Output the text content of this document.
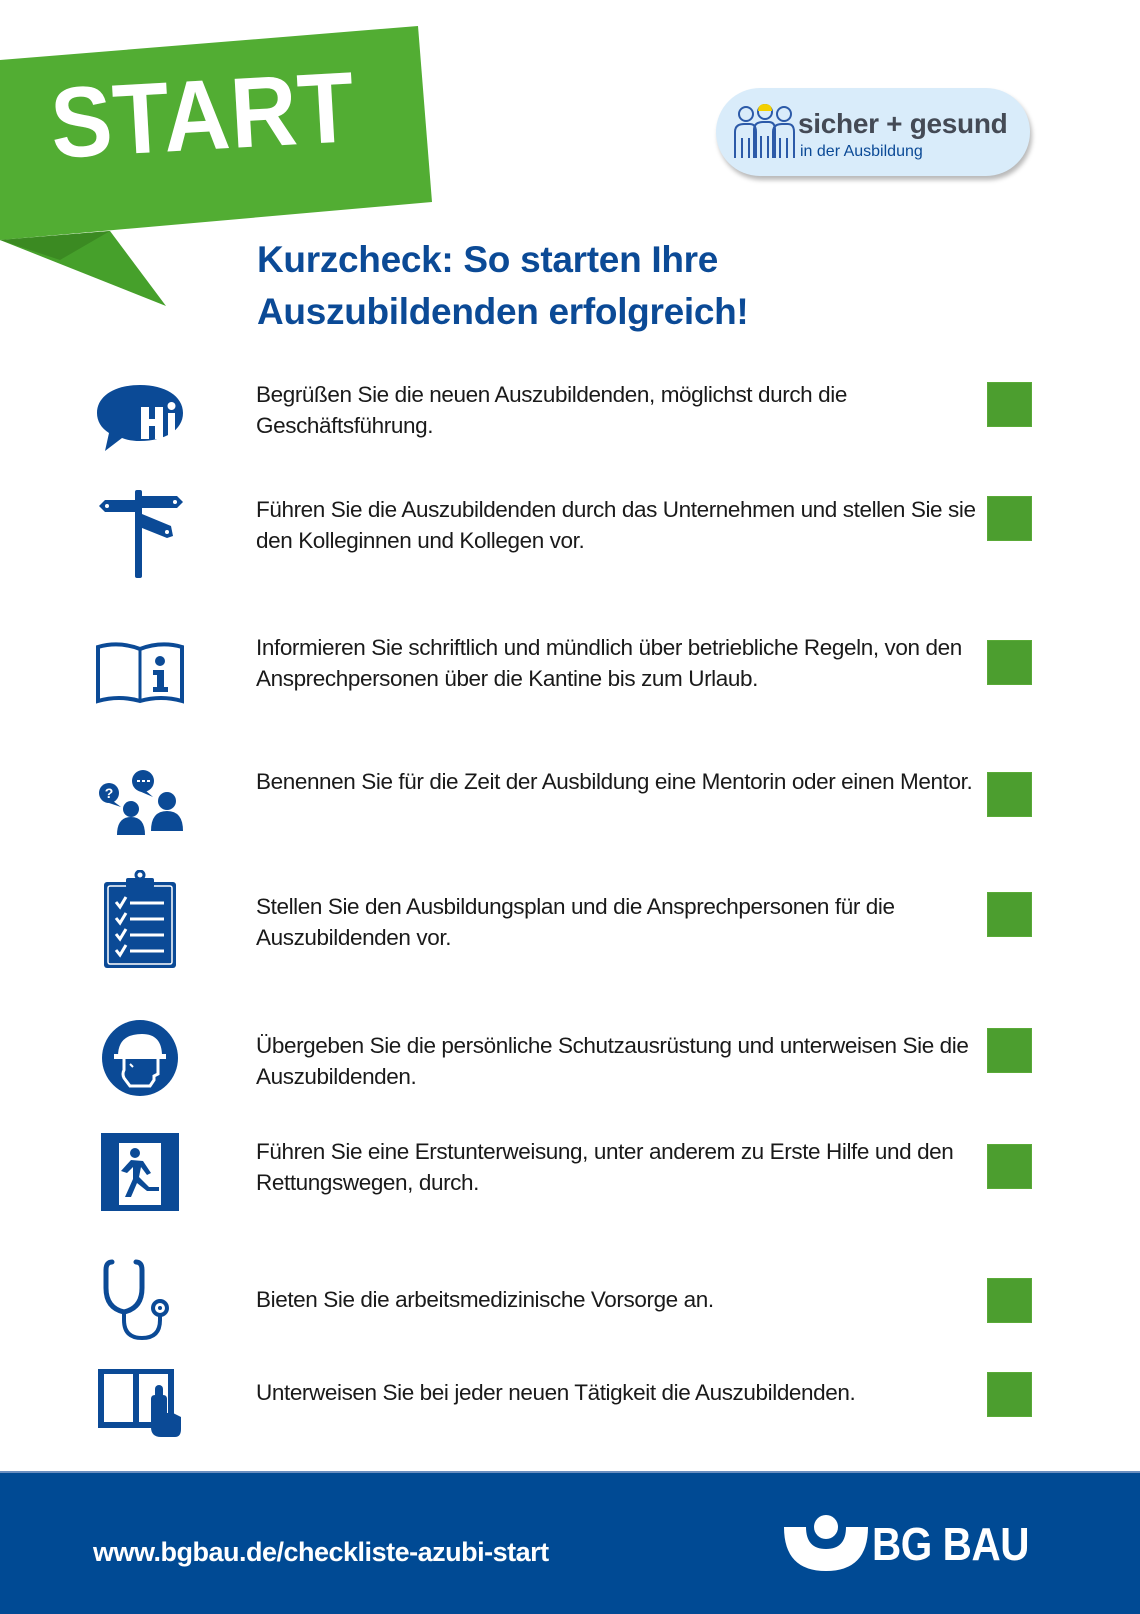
START	sicher + gesund
in der Ausbildung
Kurzcheck: So starten Ihre
Auszubildenden erfolgreich!
Begrüßen Sie die neuen Auszubildenden, möglichst durch die Geschäftsführung.
Führen Sie die Auszubildenden durch das Unternehmen und stellen Sie sie den Kolleginnen und Kollegen vor.
Informieren Sie schriftlich und mündlich über betriebliche Regeln, von den Ansprechpersonen über die Kantine bis zum Urlaub.
?	Benennen Sie für die Zeit der Ausbildung eine Mentorin oder einen Mentor.
Stellen Sie den Ausbildungsplan und die Ansprechpersonen für die Auszubildenden vor.
Übergeben Sie die persönliche Schutzausrüstung und unterweisen Sie die Auszubildenden.
Führen Sie eine Erstunterweisung, unter anderem zu Erste Hilfe und den Rettungswegen, durch.
Bieten Sie die arbeitsmedizinische Vorsorge an.
Unterweisen Sie bei jeder neuen Tätigkeit die Auszubildenden.
www.bgbau.de/checkliste-azubi-start	BG BAU
